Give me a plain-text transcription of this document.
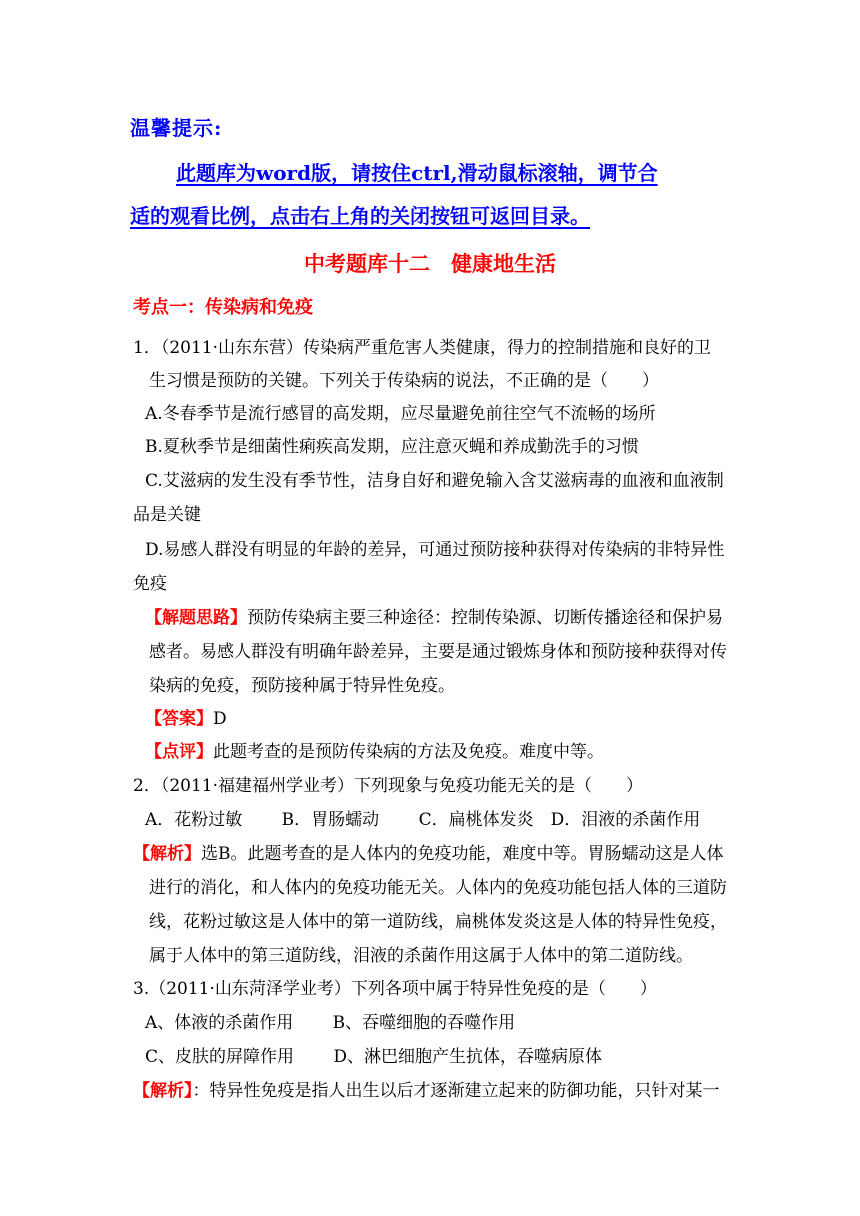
温馨提示:
此题库为word版，请按住ctrl,滑动鼠标滚轴，调节合
适的观看比例，点击右上角的关闭按钮可返回目录。
中考题库十二　健康地生活
考点一：传染病和免疫
1．（2011·山东东营）传染病严重危害人类健康，得力的控制措施和良好的卫
生习惯是预防的关键。下列关于传染病的说法，不正确的是（　　）
A.冬春季节是流行感冒的高发期，应尽量避免前往空气不流畅的场所
B.夏秋季节是细菌性痢疾高发期，应注意灭蝇和养成勤洗手的习惯
C.艾滋病的发生没有季节性，洁身自好和避免输入含艾滋病毒的血液和血液制
品是关键
D.易感人群没有明显的年龄的差异，可通过预防接种获得对传染病的非特异性
免疫
【解题思路】预防传染病主要三种途径：控制传染源、切断传播途径和保护易
感者。易感人群没有明确年龄差异，主要是通过锻炼身体和预防接种获得对传
染病的免疫，预防接种属于特异性免疫。
【答案】D
【点评】此题考查的是预防传染病的方法及免疫。难度中等。
2．（2011·福建福州学业考）下列现象与免疫功能无关的是（　　）
A．花粉过敏　　 B．胃肠蠕动　　 C．扁桃体发炎　D．泪液的杀菌作用
【解析】选B。此题考查的是人体内的免疫功能，难度中等。胃肠蠕动这是人体
进行的消化，和人体内的免疫功能无关。人体内的免疫功能包括人体的三道防
线，花粉过敏这是人体中的第一道防线，扁桃体发炎这是人体的特异性免疫，
属于人体中的第三道防线，泪液的杀菌作用这属于人体中的第二道防线。
3.（2011·山东菏泽学业考）下列各项中属于特异性免疫的是（　　）
A、体液的杀菌作用　　 B、吞噬细胞的吞噬作用
C、皮肤的屏障作用　　 D、淋巴细胞产生抗体，吞噬病原体
【解析】：特异性免疫是指人出生以后才逐渐建立起来的防御功能，只针对某一
